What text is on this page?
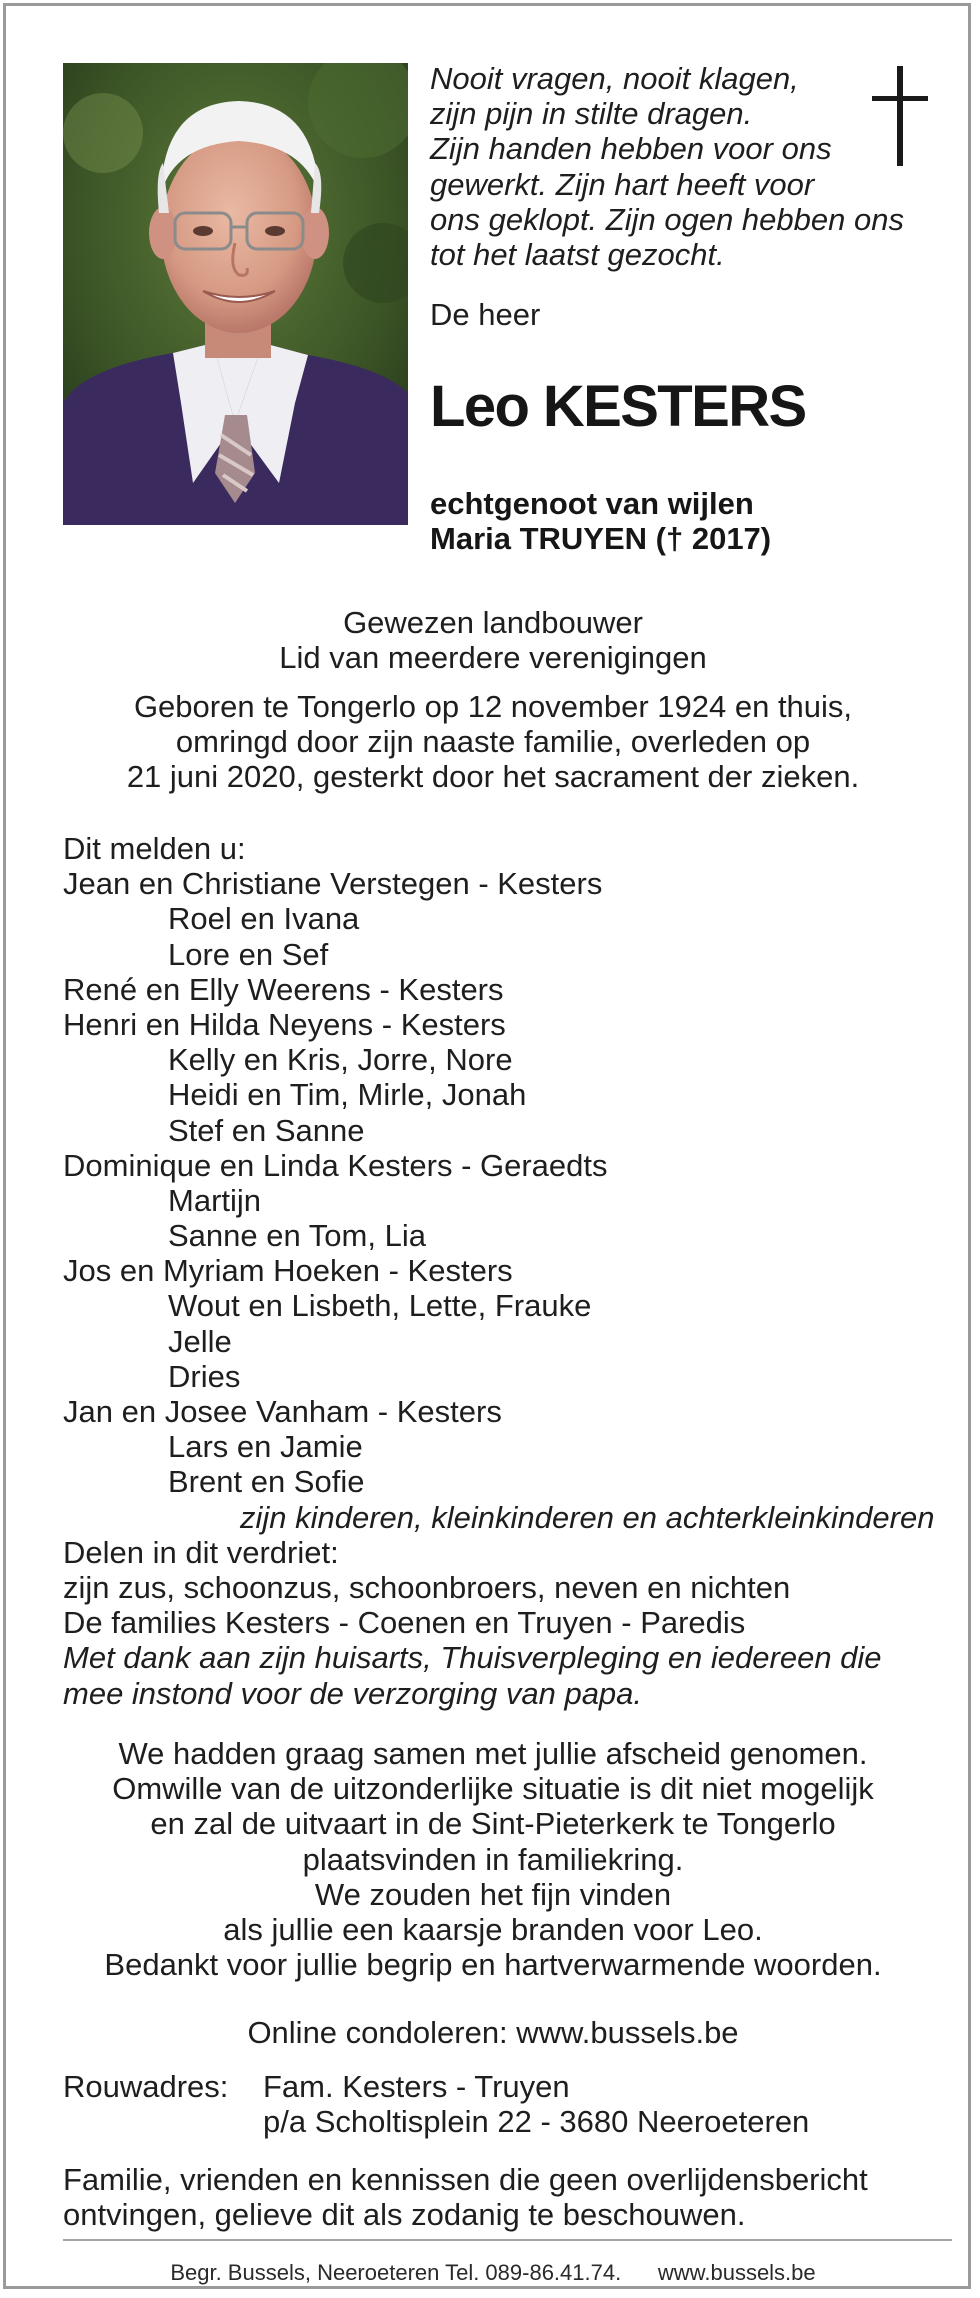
Nooit vragen, nooit klagen,
zijn pijn in stilte dragen.
Zijn handen hebben voor ons
gewerkt. Zijn hart heeft voor
ons geklopt. Zijn ogen hebben ons
tot het laatst gezocht.
De heer
Leo KESTERS
echtgenoot van wijlen
Maria TRUYEN († 2017)
Gewezen landbouwer
Lid van meerdere verenigingen
Geboren te Tongerlo op 12 november 1924 en thuis,
omringd door zijn naaste familie, overleden op
21 juni 2020, gesterkt door het sacrament der zieken.
Dit melden u:
Jean en Christiane Verstegen - Kesters
Roel en Ivana
Lore en Sef
René en Elly Weerens - Kesters
Henri en Hilda Neyens - Kesters
Kelly en Kris, Jorre, Nore
Heidi en Tim, Mirle, Jonah
Stef en Sanne
Dominique en Linda Kesters - Geraedts
Martijn
Sanne en Tom, Lia
Jos en Myriam Hoeken - Kesters
Wout en Lisbeth, Lette, Frauke
Jelle
Dries
Jan en Josee Vanham - Kesters
Lars en Jamie
Brent en Sofie
zijn kinderen, kleinkinderen en achterkleinkinderen
Delen in dit verdriet:
zijn zus, schoonzus, schoonbroers, neven en nichten
De families Kesters - Coenen en Truyen - Paredis
Met dank aan zijn huisarts, Thuisverpleging en iedereen die
mee instond voor de verzorging van papa.
We hadden graag samen met jullie afscheid genomen.
Omwille van de uitzonderlijke situatie is dit niet mogelijk
en zal de uitvaart in de Sint-Pieterkerk te Tongerlo
plaatsvinden in familiekring.
We zouden het fijn vinden
als jullie een kaarsje branden voor Leo.
Bedankt voor jullie begrip en hartverwarmende woorden.
Online condoleren: www.bussels.be
Rouwadres:	Fam. Kesters - Truyen
p/a Scholtisplein 22 - 3680 Neeroeteren
Familie, vrienden en kennissen die geen overlijdensbericht
ontvingen, gelieve dit als zodanig te beschouwen.
Begr. Bussels, Neeroeteren Tel. 089-86.41.74. www.bussels.be
